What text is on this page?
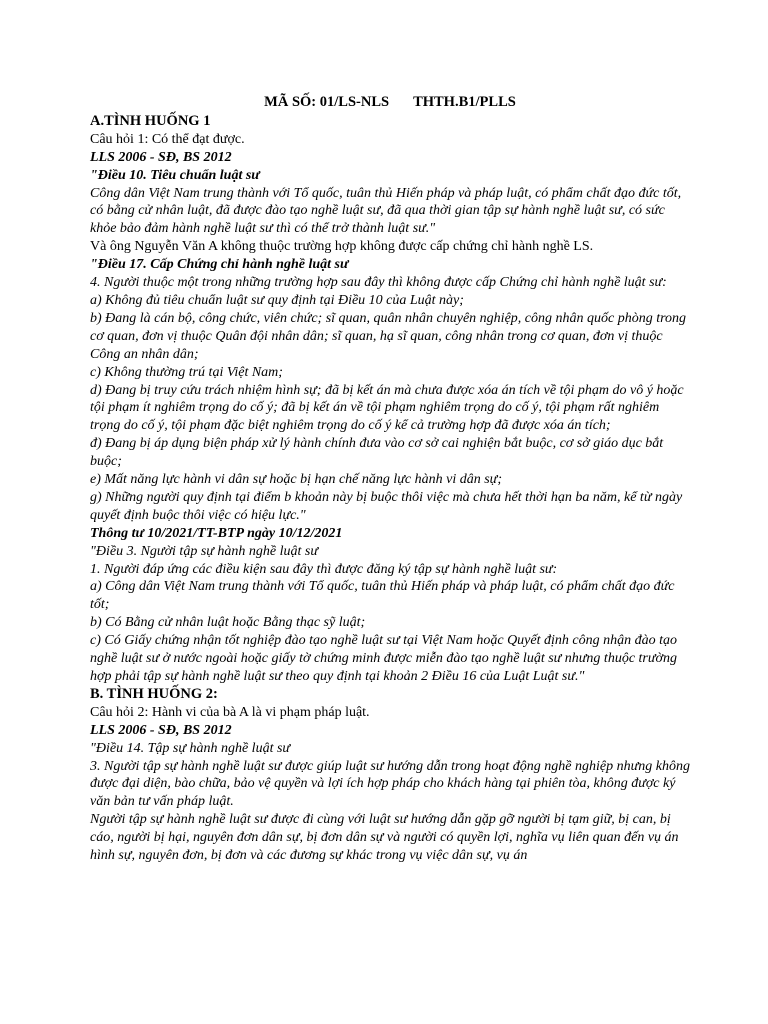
MÃ SỐ: 01/LS-NLS THTH.B1/PLLS

A.TÌNH HUỐNG 1

Câu hỏi 1: Có thể đạt được.

LLS 2006 - SĐ, BS 2012

"Điều 10. Tiêu chuẩn luật sư

Công dân Việt Nam trung thành với Tổ quốc, tuân thủ Hiến pháp và pháp luật, có phẩm chất đạo đức tốt, có bằng cử nhân luật, đã được đào tạo nghề luật sư, đã qua thời gian tập sự hành nghề luật sư, có sức khỏe bảo đảm hành nghề luật sư thì có thể trở thành luật sư."

Và ông Nguyễn Văn A không thuộc trường hợp không được cấp chứng chỉ hành nghề LS.

"Điều 17. Cấp Chứng chỉ hành nghề luật sư

4. Người thuộc một trong những trường hợp sau đây thì không được cấp Chứng chỉ hành nghề luật sư:

a) Không đủ tiêu chuẩn luật sư quy định tại Điều 10 của Luật này;

b) Đang là cán bộ, công chức, viên chức; sĩ quan, quân nhân chuyên nghiệp, công nhân quốc phòng trong cơ quan, đơn vị thuộc Quân đội nhân dân; sĩ quan, hạ sĩ quan, công nhân trong cơ quan, đơn vị thuộc Công an nhân dân;

c) Không thường trú tại Việt Nam;

d) Đang bị truy cứu trách nhiệm hình sự; đã bị kết án mà chưa được xóa án tích về tội phạm do vô ý hoặc tội phạm ít nghiêm trọng do cố ý; đã bị kết án về tội phạm nghiêm trọng do cố ý, tội phạm rất nghiêm trọng do cố ý, tội phạm đặc biệt nghiêm trọng do cố ý kể cả trường hợp đã được xóa án tích;

đ) Đang bị áp dụng biện pháp xử lý hành chính đưa vào cơ sở cai nghiện bắt buộc, cơ sở giáo dục bắt buộc;

e) Mất năng lực hành vi dân sự hoặc bị hạn chế năng lực hành vi dân sự;

g) Những người quy định tại điểm b khoản này bị buộc thôi việc mà chưa hết thời hạn ba năm, kể từ ngày quyết định buộc thôi việc có hiệu lực."

Thông tư 10/2021/TT-BTP ngày 10/12/2021

"Điều 3. Người tập sự hành nghề luật sư

1. Người đáp ứng các điều kiện sau đây thì được đăng ký tập sự hành nghề luật sư:

a) Công dân Việt Nam trung thành với Tổ quốc, tuân thủ Hiến pháp và pháp luật, có phẩm chất đạo đức tốt;

b) Có Bằng cử nhân luật hoặc Bằng thạc sỹ luật;

c) Có Giấy chứng nhận tốt nghiệp đào tạo nghề luật sư tại Việt Nam hoặc Quyết định công nhận đào tạo nghề luật sư ở nước ngoài hoặc giấy tờ chứng minh được miễn đào tạo nghề luật sư nhưng thuộc trường hợp phải tập sự hành nghề luật sư theo quy định tại khoản 2 Điều 16 của Luật Luật sư."

B. TÌNH HUỐNG 2:

Câu hỏi 2: Hành vi của bà A là vi phạm pháp luật.

LLS 2006 - SĐ, BS 2012

"Điều 14. Tập sự hành nghề luật sư

3. Người tập sự hành nghề luật sư được giúp luật sư hướng dẫn trong hoạt động nghề nghiệp nhưng không được đại diện, bào chữa, bảo vệ quyền và lợi ích hợp pháp cho khách hàng tại phiên tòa, không được ký văn bản tư vấn pháp luật.

Người tập sự hành nghề luật sư được đi cùng với luật sư hướng dẫn gặp gỡ người bị tạm giữ, bị can, bị cáo, người bị hại, nguyên đơn dân sự, bị đơn dân sự và người có quyền lợi, nghĩa vụ liên quan đến vụ án hình sự, nguyên đơn, bị đơn và các đương sự khác trong vụ việc dân sự, vụ án
